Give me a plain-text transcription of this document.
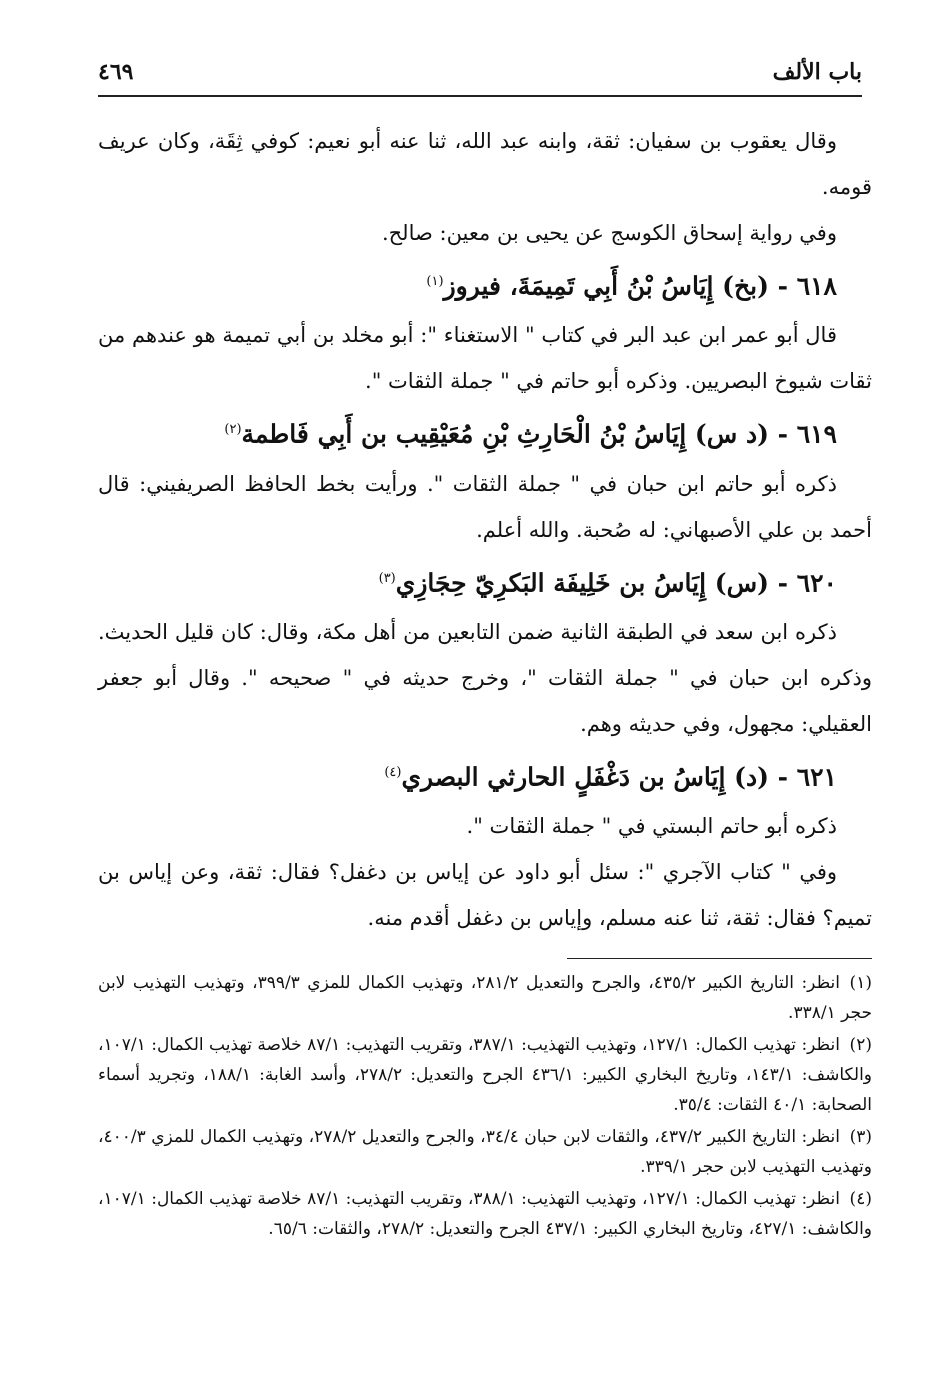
باب الألف
٤٦٩

وقال يعقوب بن سفيان: ثقة، وابنه عبد الله، ثنا عنه أبو نعيم: كوفي ثِقَة، وكان عريف قومه.

وفي رواية إسحاق الكوسج عن يحيى بن معين: صالح.

٦١٨ - (بخ) إِيَاسُ بْنُ أَبِي تَمِيمَةَ، فيروز$^{(١)}$

قال أبو عمر ابن عبد البر في كتاب " الاستغناء ": أبو مخلد بن أبي تميمة هو عندهم من ثقات شيوخ البصريين. وذكره أبو حاتم في " جملة الثقات ".

٦١٩ - (د س) إِيَاسُ بْنُ الْحَارِثِ بْنِ مُعَيْقِيب بن أَبِي فَاطمة$^{(٢)}$

ذكره أبو حاتم ابن حبان في " جملة الثقات ". ورأيت بخط الحافظ الصريفيني: قال أحمد بن علي الأصبهاني: له صُحبة. والله أعلم.

٦٢٠ - (س) إِيَاسُ بن خَلِيفَة البَكرِيّ حِجَازِي$^{(٣)}$

ذكره ابن سعد في الطبقة الثانية ضمن التابعين من أهل مكة، وقال: كان قليل الحديث. وذكره ابن حبان في " جملة الثقات "، وخرج حديثه في " صحيحه ". وقال أبو جعفر العقيلي: مجهول، وفي حديثه وهم.

٦٢١ - (د) إِيَاسُ بن دَغْفَلٍ الحارثي البصري$^{(٤)}$

ذكره أبو حاتم البستي في " جملة الثقات ".

وفي " كتاب الآجري ": سئل أبو داود عن إياس بن دغفل؟ فقال: ثقة، وعن إياس بن تميم؟ فقال: ثقة، ثنا عنه مسلم، وإياس بن دغفل أقدم منه.

(١)انظر: التاريخ الكبير ٤٣٥/٢، والجرح والتعديل ٢٨١/٢، وتهذيب الكمال للمزي ٣٩٩/٣، وتهذيب التهذيب لابن حجر ٣٣٨/١.

(٢)انظر: تهذيب الكمال: ١٢٧/١، وتهذيب التهذيب: ٣٨٧/١، وتقريب التهذيب: ٨٧/١ خلاصة تهذيب الكمال: ١٠٧/١، والكاشف: ١٤٣/١، وتاريخ البخاري الكبير: ٤٣٦/١ الجرح والتعديل: ٢٧٨/٢، وأسد الغابة: ١٨٨/١، وتجريد أسماء الصحابة: ٤٠/١ الثقات: ٣٥/٤.

(٣)انظر: التاريخ الكبير ٤٣٧/٢، والثقات لابن حبان ٣٤/٤، والجرح والتعديل ٢٧٨/٢، وتهذيب الكمال للمزي ٤٠٠/٣، وتهذيب التهذيب لابن حجر ٣٣٩/١.

(٤)انظر: تهذيب الكمال: ١٢٧/١، وتهذيب التهذيب: ٣٨٨/١، وتقريب التهذيب: ٨٧/١ خلاصة تهذيب الكمال: ١٠٧/١، والكاشف: ٤٢٧/١، وتاريخ البخاري الكبير: ٤٣٧/١ الجرح والتعديل: ٢٧٨/٢، والثقات: ٦٥/٦.
